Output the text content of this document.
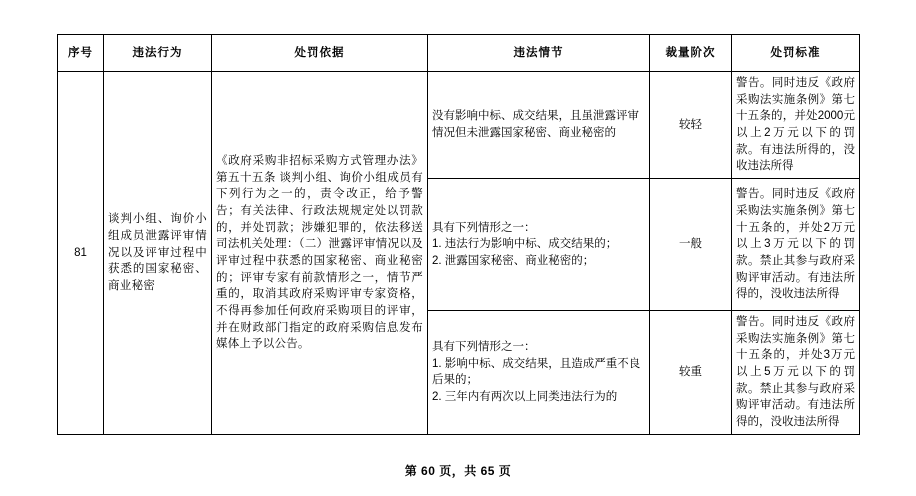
序号	违法行为	处罚依据	违法情节	裁量阶次	处罚标准
81	谈判小组、询价小组成员泄露评审情况以及评审过程中获悉的国家秘密、商业秘密	《政府采购非招标采购方式管理办法》第五十五条 谈判小组、询价小组成员有下列行为之一的，责令改正，给予警告；有关法律、行政法规规定处以罚款的，并处罚款；涉嫌犯罪的，依法移送司法机关处理：（二）泄露评审情况以及评审过程中获悉的国家秘密、商业秘密的；评审专家有前款情形之一，情节严重的，取消其政府采购评审专家资格，不得再参加任何政府采购项目的评审，并在财政部门指定的政府采购信息发布媒体上予以公告。	没有影响中标、成交结果，且虽泄露评审情况但未泄露国家秘密、商业秘密的	较轻	警告。同时违反《政府采购法实施条例》第七十五条的，并处2000元以上2万元以下的罚款。有违法所得的，没收违法所得

			具有下列情形之一：
1. 违法行为影响中标、成交结果的；
2. 泄露国家秘密、商业秘密的；	一般	警告。同时违反《政府采购法实施条例》第七十五条的，并处2万元以上3万元以下的罚款。禁止其参与政府采购评审活动。有违法所得的，没收违法所得

			具有下列情形之一：
1. 影响中标、成交结果，且造成严重不良后果的；
2. 三年内有两次以上同类违法行为的	较重	警告。同时违反《政府采购法实施条例》第七十五条的，并处3万元以上5万元以下的罚款。禁止其参与政府采购评审活动。有违法所得的，没收违法所得
第 60 页，共 65 页
